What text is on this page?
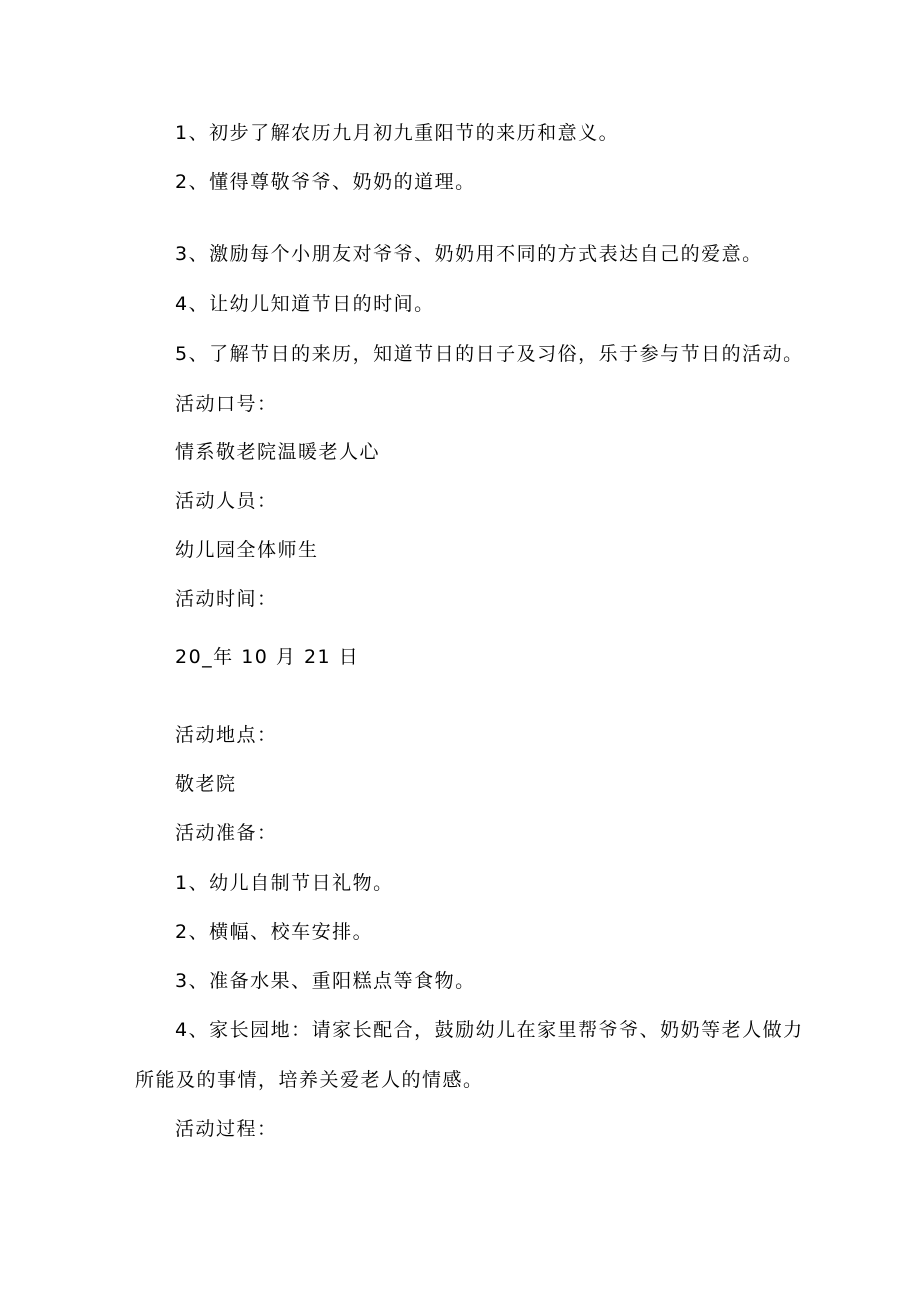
1、初步了解农历九月初九重阳节的来历和意义。
2、懂得尊敬爷爷、奶奶的道理。
3、激励每个小朋友对爷爷、奶奶用不同的方式表达自己的爱意。
4、让幼儿知道节日的时间。
5、了解节日的来历，知道节日的日子及习俗，乐于参与节日的活动。
活动口号：
情系敬老院温暖老人心
活动人员：
幼儿园全体师生
活动时间：
20_年 10 月 21 日
活动地点：
敬老院
活动准备：
1、幼儿自制节日礼物。
2、横幅、校车安排。
3、准备水果、重阳糕点等食物。
4、家长园地：请家长配合，鼓励幼儿在家里帮爷爷、奶奶等老人做力
所能及的事情，培养关爱老人的情感。
活动过程：
